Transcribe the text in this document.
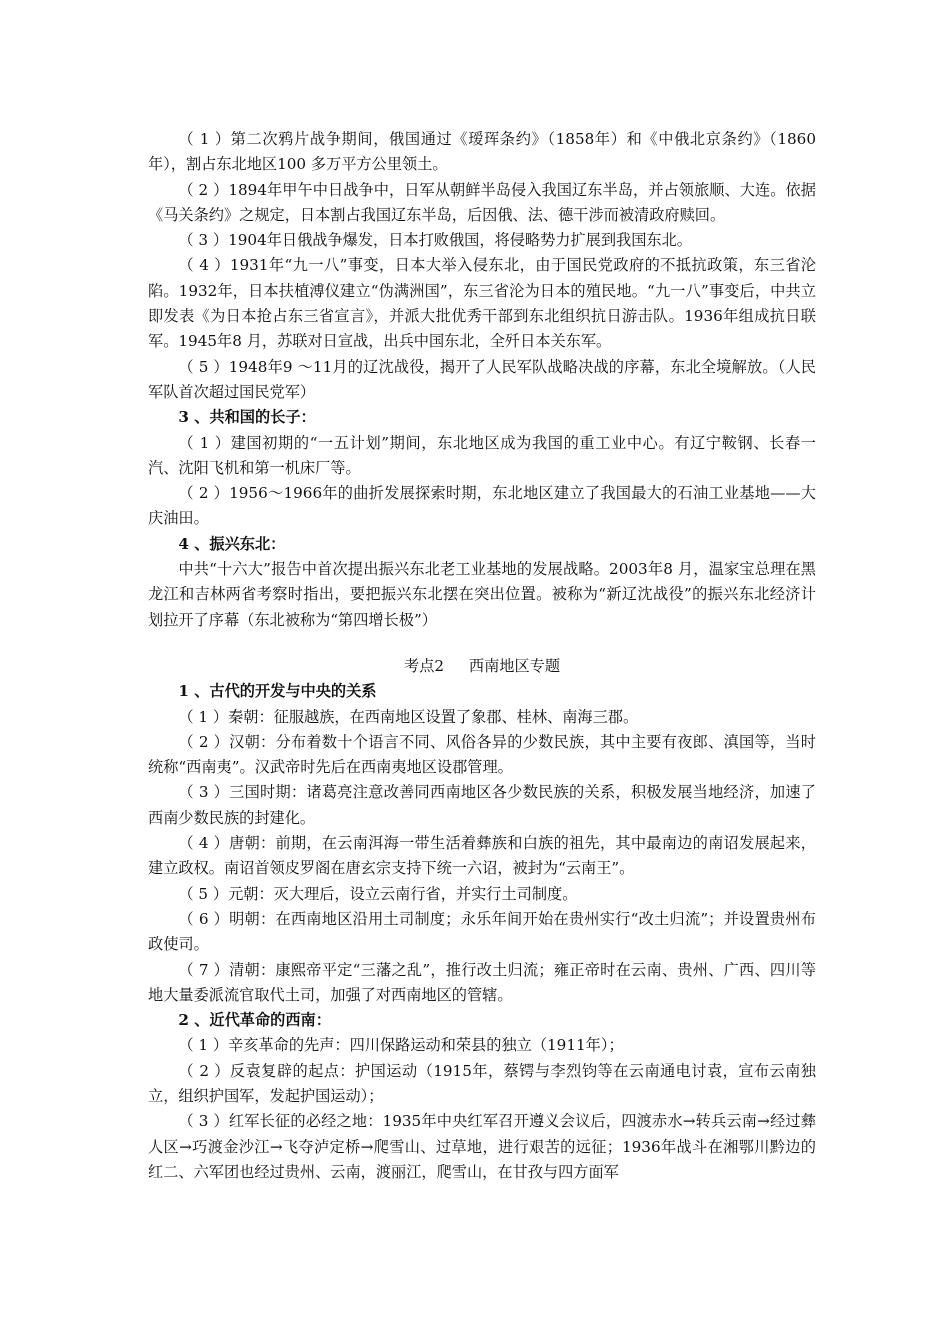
（ 1 ）第二次鸦片战争期间，俄国通过《瑷珲条约》（1858年）和《中俄北京条约》（1860年），割占东北地区100 多万平方公里领土。

（ 2 ）1894年甲午中日战争中，日军从朝鲜半岛侵入我国辽东半岛，并占领旅顺、大连。依据《马关条约》之规定，日本割占我国辽东半岛，后因俄、法、德干涉而被清政府赎回。

（ 3 ）1904年日俄战争爆发，日本打败俄国，将侵略势力扩展到我国东北。

（ 4 ）1931年“九一八”事变，日本大举入侵东北，由于国民党政府的不抵抗政策，东三省沦陷。1932年，日本扶植溥仪建立“伪满洲国”，东三省沦为日本的殖民地。“九一八”事变后，中共立即发表《为日本抢占东三省宣言》，并派大批优秀干部到东北组织抗日游击队。1936年组成抗日联军。1945年8 月，苏联对日宣战，出兵中国东北，全歼日本关东军。

（ 5 ）1948年9 ～11月的辽沈战役，揭开了人民军队战略决战的序幕，东北全境解放。（人民军队首次超过国民党军）

3 、共和国的长子：

（ 1 ）建国初期的“一五计划”期间，东北地区成为我国的重工业中心。有辽宁鞍钢、长春一汽、沈阳飞机和第一机床厂等。

（ 2 ）1956～1966年的曲折发展探索时期，东北地区建立了我国最大的石油工业基地——大庆油田。

4 、振兴东北：

中共“十六大”报告中首次提出振兴东北老工业基地的发展战略。2003年8 月，温家宝总理在黑龙江和吉林两省考察时指出，要把振兴东北摆在突出位置。被称为“新辽沈战役”的振兴东北经济计划拉开了序幕（东北被称为“第四增长极”）

考点2 西南地区专题

1 、古代的开发与中央的关系

（ 1 ）秦朝：征服越族，在西南地区设置了象郡、桂林、南海三郡。

（ 2 ）汉朝：分布着数十个语言不同、风俗各异的少数民族，其中主要有夜郎、滇国等，当时统称“西南夷”。汉武帝时先后在西南夷地区设郡管理。

（ 3 ）三国时期：诸葛亮注意改善同西南地区各少数民族的关系，积极发展当地经济，加速了西南少数民族的封建化。

（ 4 ）唐朝：前期，在云南洱海一带生活着彝族和白族的祖先，其中最南边的南诏发展起来，建立政权。南诏首领皮罗阁在唐玄宗支持下统一六诏，被封为“云南王”。

（ 5 ）元朝：灭大理后，设立云南行省，并实行土司制度。

（ 6 ）明朝：在西南地区沿用土司制度；永乐年间开始在贵州实行“改土归流”；并设置贵州布政使司。

（ 7 ）清朝：康熙帝平定“三藩之乱”，推行改土归流；雍正帝时在云南、贵州、广西、四川等地大量委派流官取代土司，加强了对西南地区的管辖。

2 、近代革命的西南：

（ 1 ）辛亥革命的先声：四川保路运动和荣县的独立（1911年）；

（ 2 ）反袁复辟的起点：护国运动（1915年，蔡锷与李烈钧等在云南通电讨袁，宣布云南独立，组织护国军，发起护国运动）；

（ 3 ）红军长征的必经之地：1935年中央红军召开遵义会议后，四渡赤水→转兵云南→经过彝人区→巧渡金沙江→飞夺泸定桥→爬雪山、过草地，进行艰苦的远征；1936年战斗在湘鄂川黔边的红二、六军团也经过贵州、云南，渡丽江，爬雪山，在甘孜与四方面军
